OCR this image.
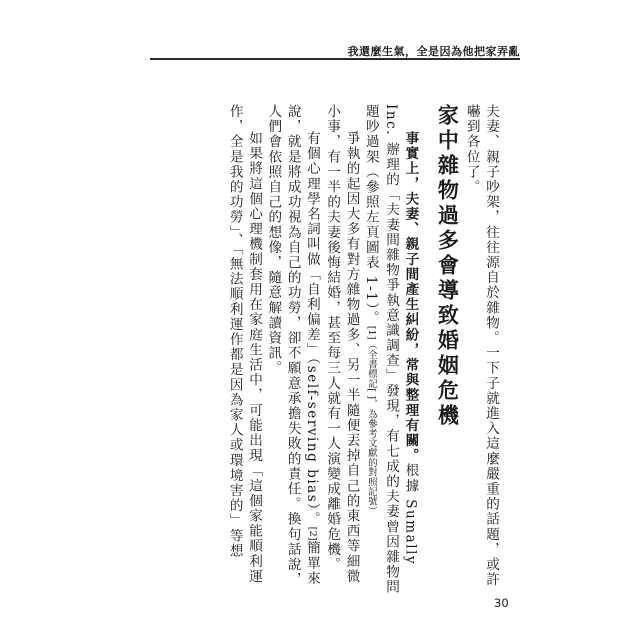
我還麼生氣，全是因為他把家弄亂

夫妻、親子吵架，往往源自於雜物。一下子就進入這麼嚴重的話題，或許嚇到各位了。

家中雜物過多會導致婚姻危機

事實上，夫妻、親子間產生糾紛，常與整理有關。根據 Sumally Inc. 辦理的「夫妻間雜物爭執意識調查」發現，有七成的夫妻曾因雜物問題吵過架（參照左頁圖表 1-1）。[1]（全書標記[ ]，為參考文獻的對照記號）

爭執的起因大多有對方雜物過多、另一半隨便丟掉自己的東西等細微小事，有一半的夫妻後悔結婚，甚至每三人就有一人演變成離婚危機。

有個心理學名詞叫做「自利偏差」（self-serving bias）。[2]簡單來說，就是將成功視為自己的功勞，卻不願意承擔失敗的責任。換句話說，人們會依照自己的想像，隨意解讀資訊。

如果將這個心理機制套用在家庭生活中，可能出現「這個家能順利運作，全是我的功勞」、「無法順利運作都是因為家人或環境害的」等想

30
